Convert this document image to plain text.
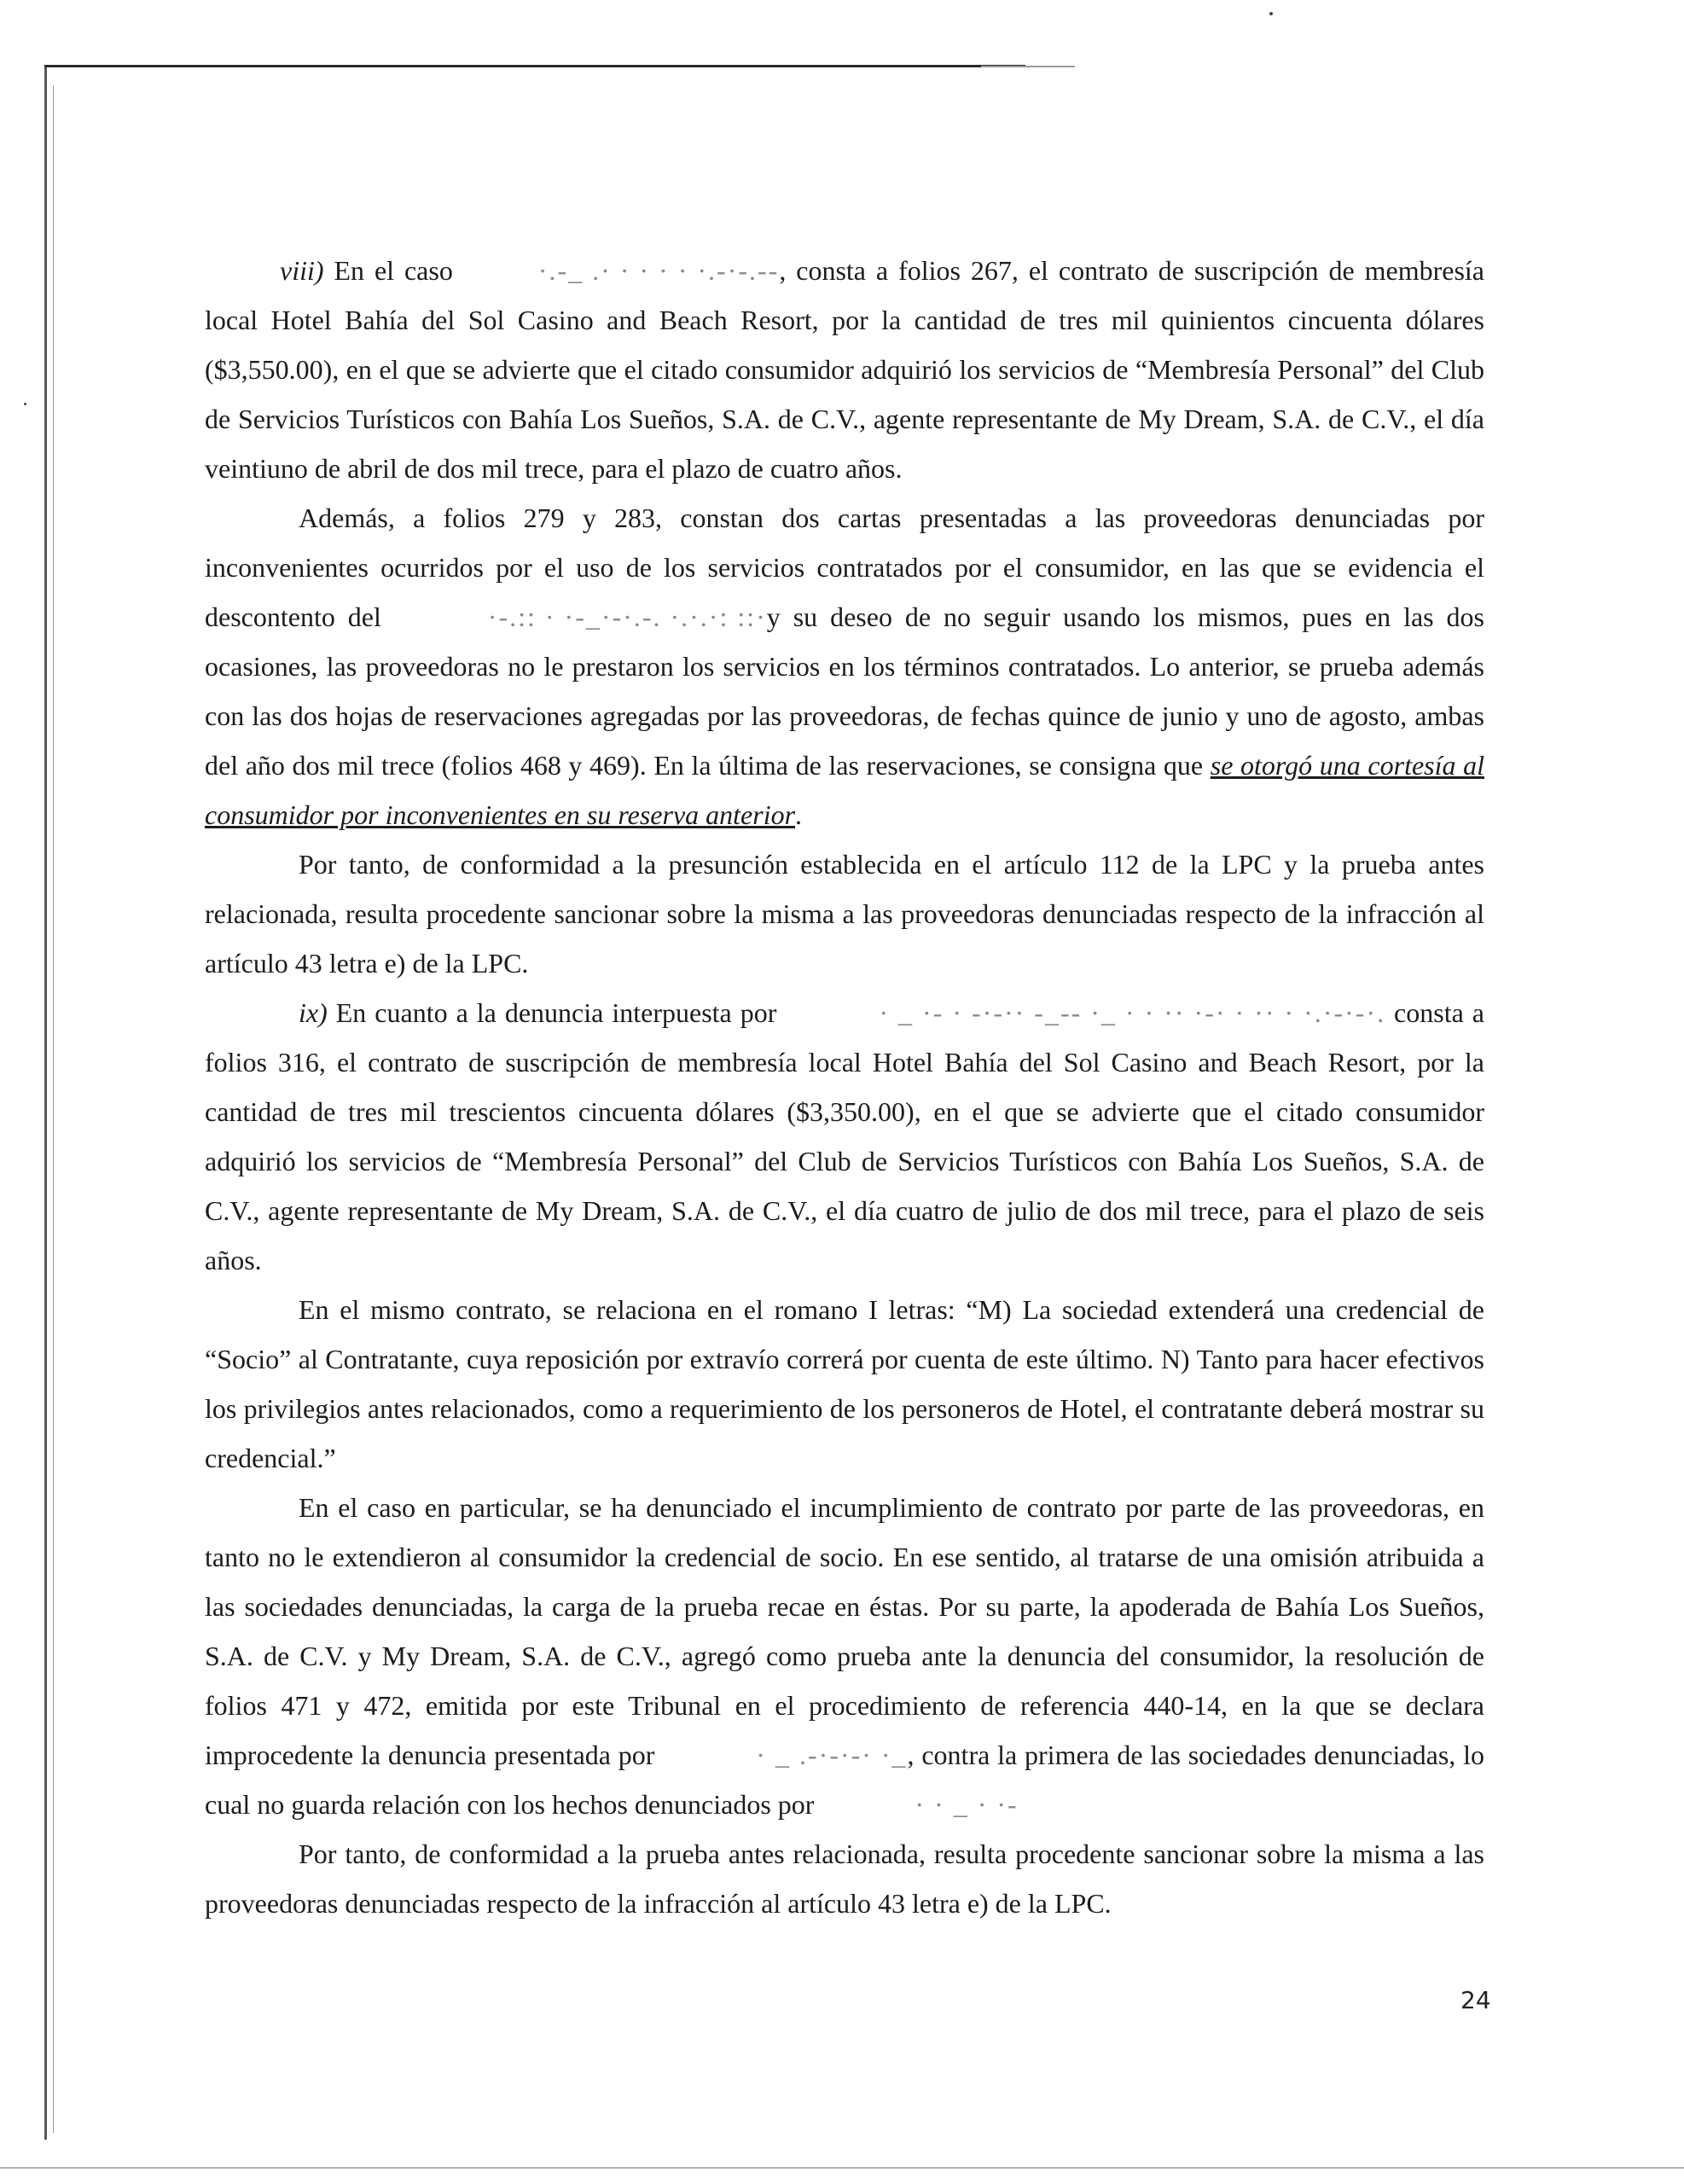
viii) En el caso	·.-_ .· · · · · ·.-·-.--, consta a folios 267, el contrato de suscripción de membresía local Hotel Bahía del Sol Casino and Beach Resort, por la cantidad de tres mil quinientos cincuenta dólares ($3,550.00), en el que se advierte que el citado consumidor adquirió los servicios de “Membresía Personal” del Club de Servicios Turísticos con Bahía Los Sueños, S.A. de C.V., agente representante de My Dream, S.A. de C.V., el día veintiuno de abril de dos mil trece, para el plazo de cuatro años.

Además, a folios 279 y 283, constan dos cartas presentadas a las proveedoras denunciadas por inconvenientes ocurridos por el uso de los servicios contratados por el consumidor, en las que se evidencia el descontento del	·-.:: · ·-_·-·.-. ·.·.·: ::·y su deseo de no seguir usando los mismos, pues en las dos ocasiones, las proveedoras no le prestaron los servicios en los términos contratados. Lo anterior, se prueba además con las dos hojas de reservaciones agregadas por las proveedoras, de fechas quince de junio y uno de agosto, ambas del año dos mil trece (folios 468 y 469). En la última de las reservaciones, se consigna que se otorgó una cortesía al consumidor por inconvenientes en su reserva anterior.

Por tanto, de conformidad a la presunción establecida en el artículo 112 de la LPC y la prueba antes relacionada, resulta procedente sancionar sobre la misma a las proveedoras denunciadas respecto de la infracción al artículo 43 letra e) de la LPC.

ix) En cuanto a la denuncia interpuesta por	· _ ·- · -·-·· -_-- ·_ · · ·· ·-· · ·· · ·.·-·-·. consta a folios 316, el contrato de suscripción de membresía local Hotel Bahía del Sol Casino and Beach Resort, por la cantidad de tres mil trescientos cincuenta dólares ($3,350.00), en el que se advierte que el citado consumidor adquirió los servicios de “Membresía Personal” del Club de Servicios Turísticos con Bahía Los Sueños, S.A. de C.V., agente representante de My Dream, S.A. de C.V., el día cuatro de julio de dos mil trece, para el plazo de seis años.

En el mismo contrato, se relaciona en el romano I letras: “M) La sociedad extenderá una credencial de “Socio” al Contratante, cuya reposición por extravío correrá por cuenta de este último. N) Tanto para hacer efectivos los privilegios antes relacionados, como a requerimiento de los personeros de Hotel, el contratante deberá mostrar su credencial.”

En el caso en particular, se ha denunciado el incumplimiento de contrato por parte de las proveedoras, en tanto no le extendieron al consumidor la credencial de socio. En ese sentido, al tratarse de una omisión atribuida a las sociedades denunciadas, la carga de la prueba recae en éstas. Por su parte, la apoderada de Bahía Los Sueños, S.A. de C.V. y My Dream, S.A. de C.V., agregó como prueba ante la denuncia del consumidor, la resolución de folios 471 y 472, emitida por este Tribunal en el procedimiento de referencia 440-14, en la que se declara improcedente la denuncia presentada por	· _ .-·-·-· ·_, contra la primera de las sociedades denunciadas, lo cual no guarda relación con los hechos denunciados por	· · _ · ·-

Por tanto, de conformidad a la prueba antes relacionada, resulta procedente sancionar sobre la misma a las proveedoras denunciadas respecto de la infracción al artículo 43 letra e) de la LPC.

24
